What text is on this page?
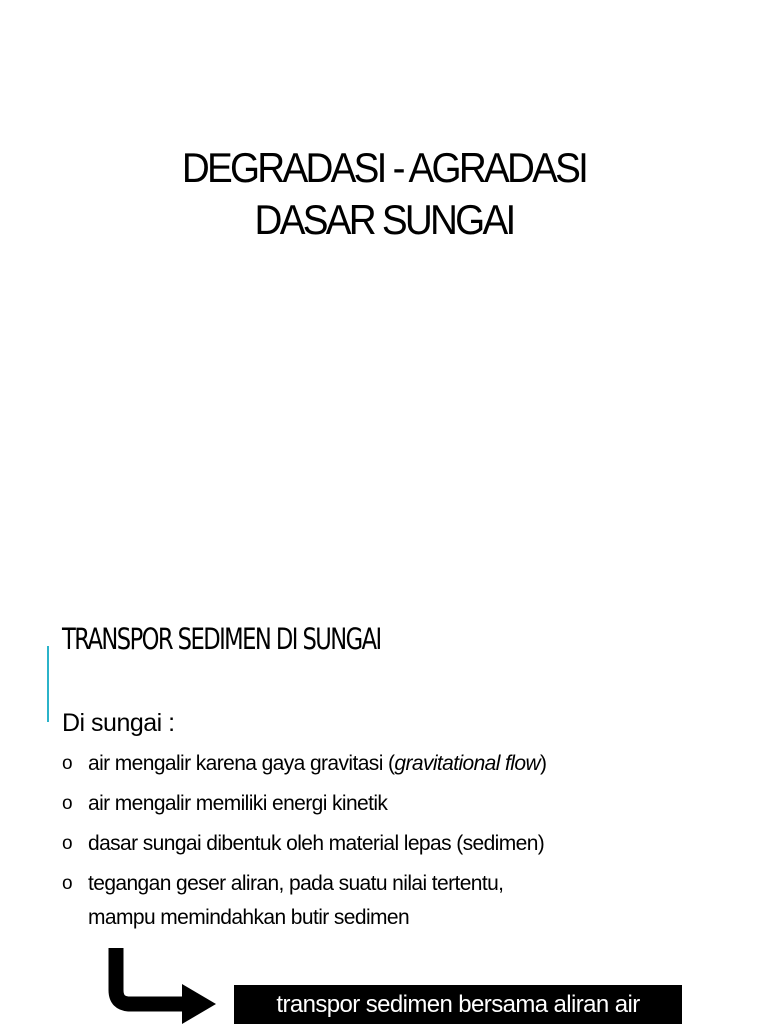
DEGRADASI - AGRADASI
DASAR SUNGAI
TRANSPOR SEDIMEN DI SUNGAI
Di sungai :
o air mengalir karena gaya gravitasi (gravitational flow)
o air mengalir memiliki energi kinetik
o dasar sungai dibentuk oleh material lepas (sedimen)
o tegangan geser aliran, pada suatu nilai tertentu,
mampu memindahkan butir sedimen
transpor sedimen bersama aliran air
